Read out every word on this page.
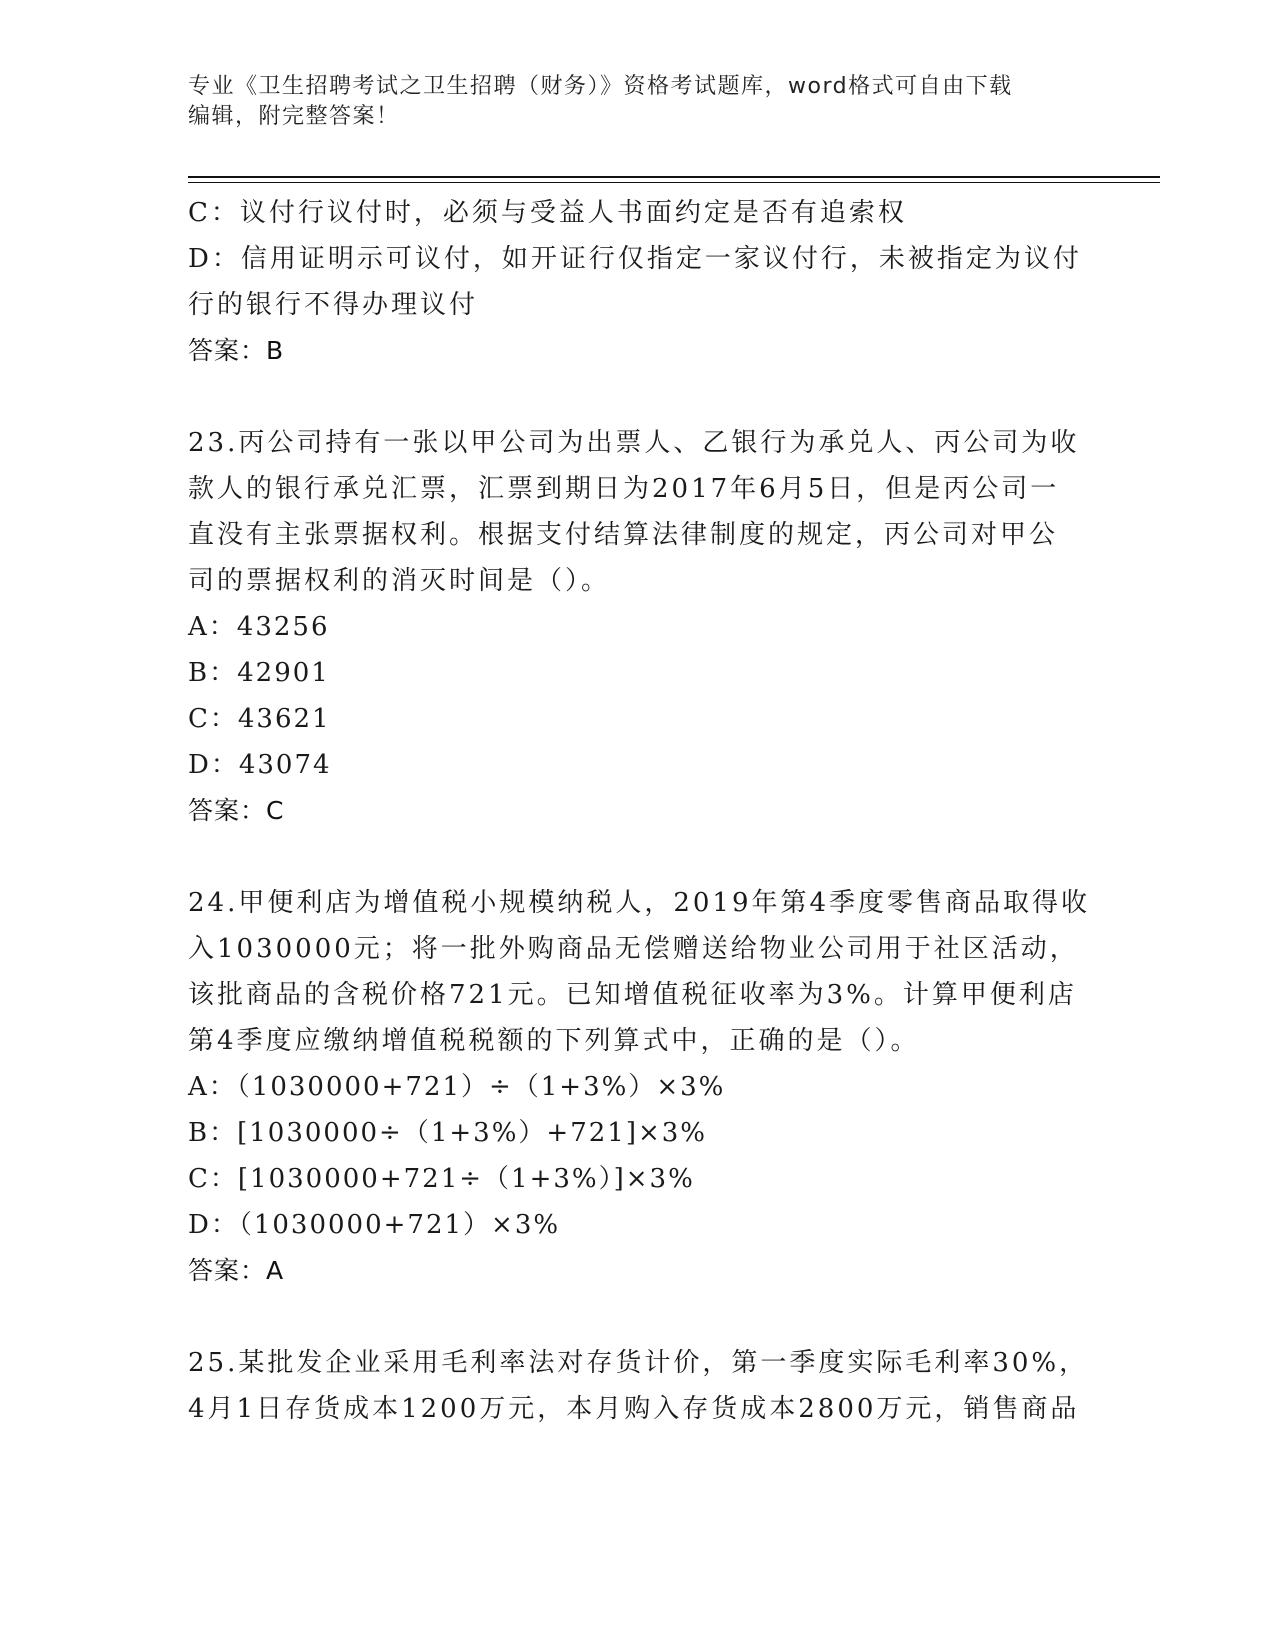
专业《卫生招聘考试之卫生招聘（财务）》资格考试题库，word格式可自由下载
编辑，附完整答案！
C：议付行议付时，必须与受益人书面约定是否有追索权
D：信用证明示可议付，如开证行仅指定一家议付行，未被指定为议付
行的银行不得办理议付
答案：B
23.丙公司持有一张以甲公司为出票人、乙银行为承兑人、丙公司为收
款人的银行承兑汇票，汇票到期日为2017年6月5日，但是丙公司一
直没有主张票据权利。根据支付结算法律制度的规定，丙公司对甲公
司的票据权利的消灭时间是（）。
A：43256
B：42901
C：43621
D：43074
答案：C
24.甲便利店为增值税小规模纳税人，2019年第4季度零售商品取得收
入1030000元；将一批外购商品无偿赠送给物业公司用于社区活动，
该批商品的含税价格721元。已知增值税征收率为3%。计算甲便利店
第4季度应缴纳增值税税额的下列算式中，正确的是（）。
A：（1030000+721）÷（1+3%）×3%
B：[1030000÷（1+3%）+721]×3%
C：[1030000+721÷（1+3%）]×3%
D：（1030000+721）×3%
答案：A
25.某批发企业采用毛利率法对存货计价，第一季度实际毛利率30%，
4月1日存货成本1200万元，本月购入存货成本2800万元，销售商品
